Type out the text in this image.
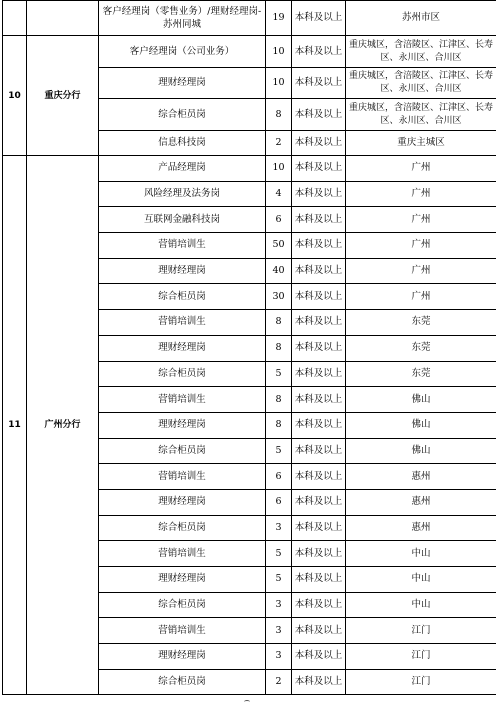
		客户经理岗（零售业务）/理财经理岗-苏州同城	19	本科及以上	苏州市区
10	重庆分行	客户经理岗（公司业务）	10	本科及以上	重庆城区，含涪陵区、江津区、长寿区、永川区、合川区
		理财经理岗	10	本科及以上	重庆城区，含涪陵区、江津区、长寿区、永川区、合川区
		综合柜员岗	8	本科及以上	重庆城区，含涪陵区、江津区、长寿区、永川区、合川区
		信息科技岗	2	本科及以上	重庆主城区
11	广州分行	产品经理岗	10	本科及以上	广州
		风险经理及法务岗	4	本科及以上	广州
		互联网金融科技岗	6	本科及以上	广州
		营销培训生	50	本科及以上	广州
		理财经理岗	40	本科及以上	广州
		综合柜员岗	30	本科及以上	广州
		营销培训生	8	本科及以上	东莞
		理财经理岗	8	本科及以上	东莞
		综合柜员岗	5	本科及以上	东莞
		营销培训生	8	本科及以上	佛山
		理财经理岗	8	本科及以上	佛山
		综合柜员岗	5	本科及以上	佛山
		营销培训生	6	本科及以上	惠州
		理财经理岗	6	本科及以上	惠州
		综合柜员岗	3	本科及以上	惠州
		营销培训生	5	本科及以上	中山
		理财经理岗	5	本科及以上	中山
		综合柜员岗	3	本科及以上	中山
		营销培训生	3	本科及以上	江门
		理财经理岗	3	本科及以上	江门
		综合柜员岗	2	本科及以上	江门
